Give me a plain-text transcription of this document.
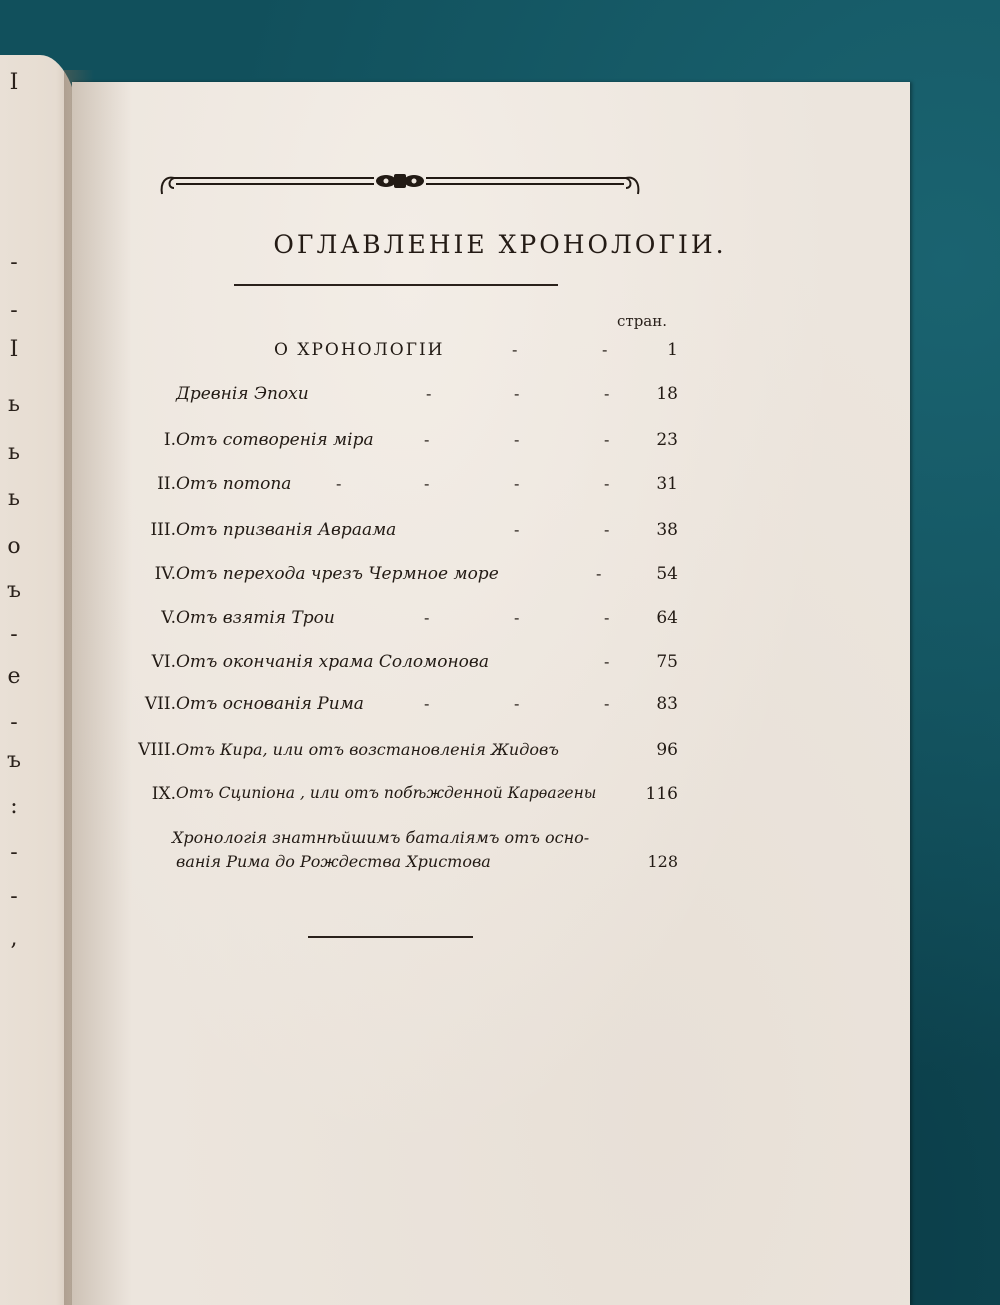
I
-
-
I
ь
ь
ь
о
ъ
-
е
-
ъ
:
-
-
,
ОГЛАВЛЕНIЕ ХРОНОЛОГIИ.
стран.
О ХРОНОЛОГIИ	-	-	1
Древнія Эпохи	-	-	-	18
I. Отъ сотворенія міра	-	-	-	23
II. Отъ потопа	-	-	-	-	31
III. Отъ призванія Авраама	-	-	38
IV. Отъ перехода чрезъ Чермное море	-	54
V. Отъ взятія Трои	-	-	-	64
VI. Отъ окончанія храма Соломонова	-	75
VII. Отъ основанія Рима	-	-	-	83
VIII. Отъ Кира, или отъ возстановленія Жидовъ	96
IX. Отъ Сципіона , или отъ побѣжденной Карѳагены	116
Хронологія знатнѣйшимъ баталіямъ отъ осно-
ванія Рима до Рождества Христова	128
